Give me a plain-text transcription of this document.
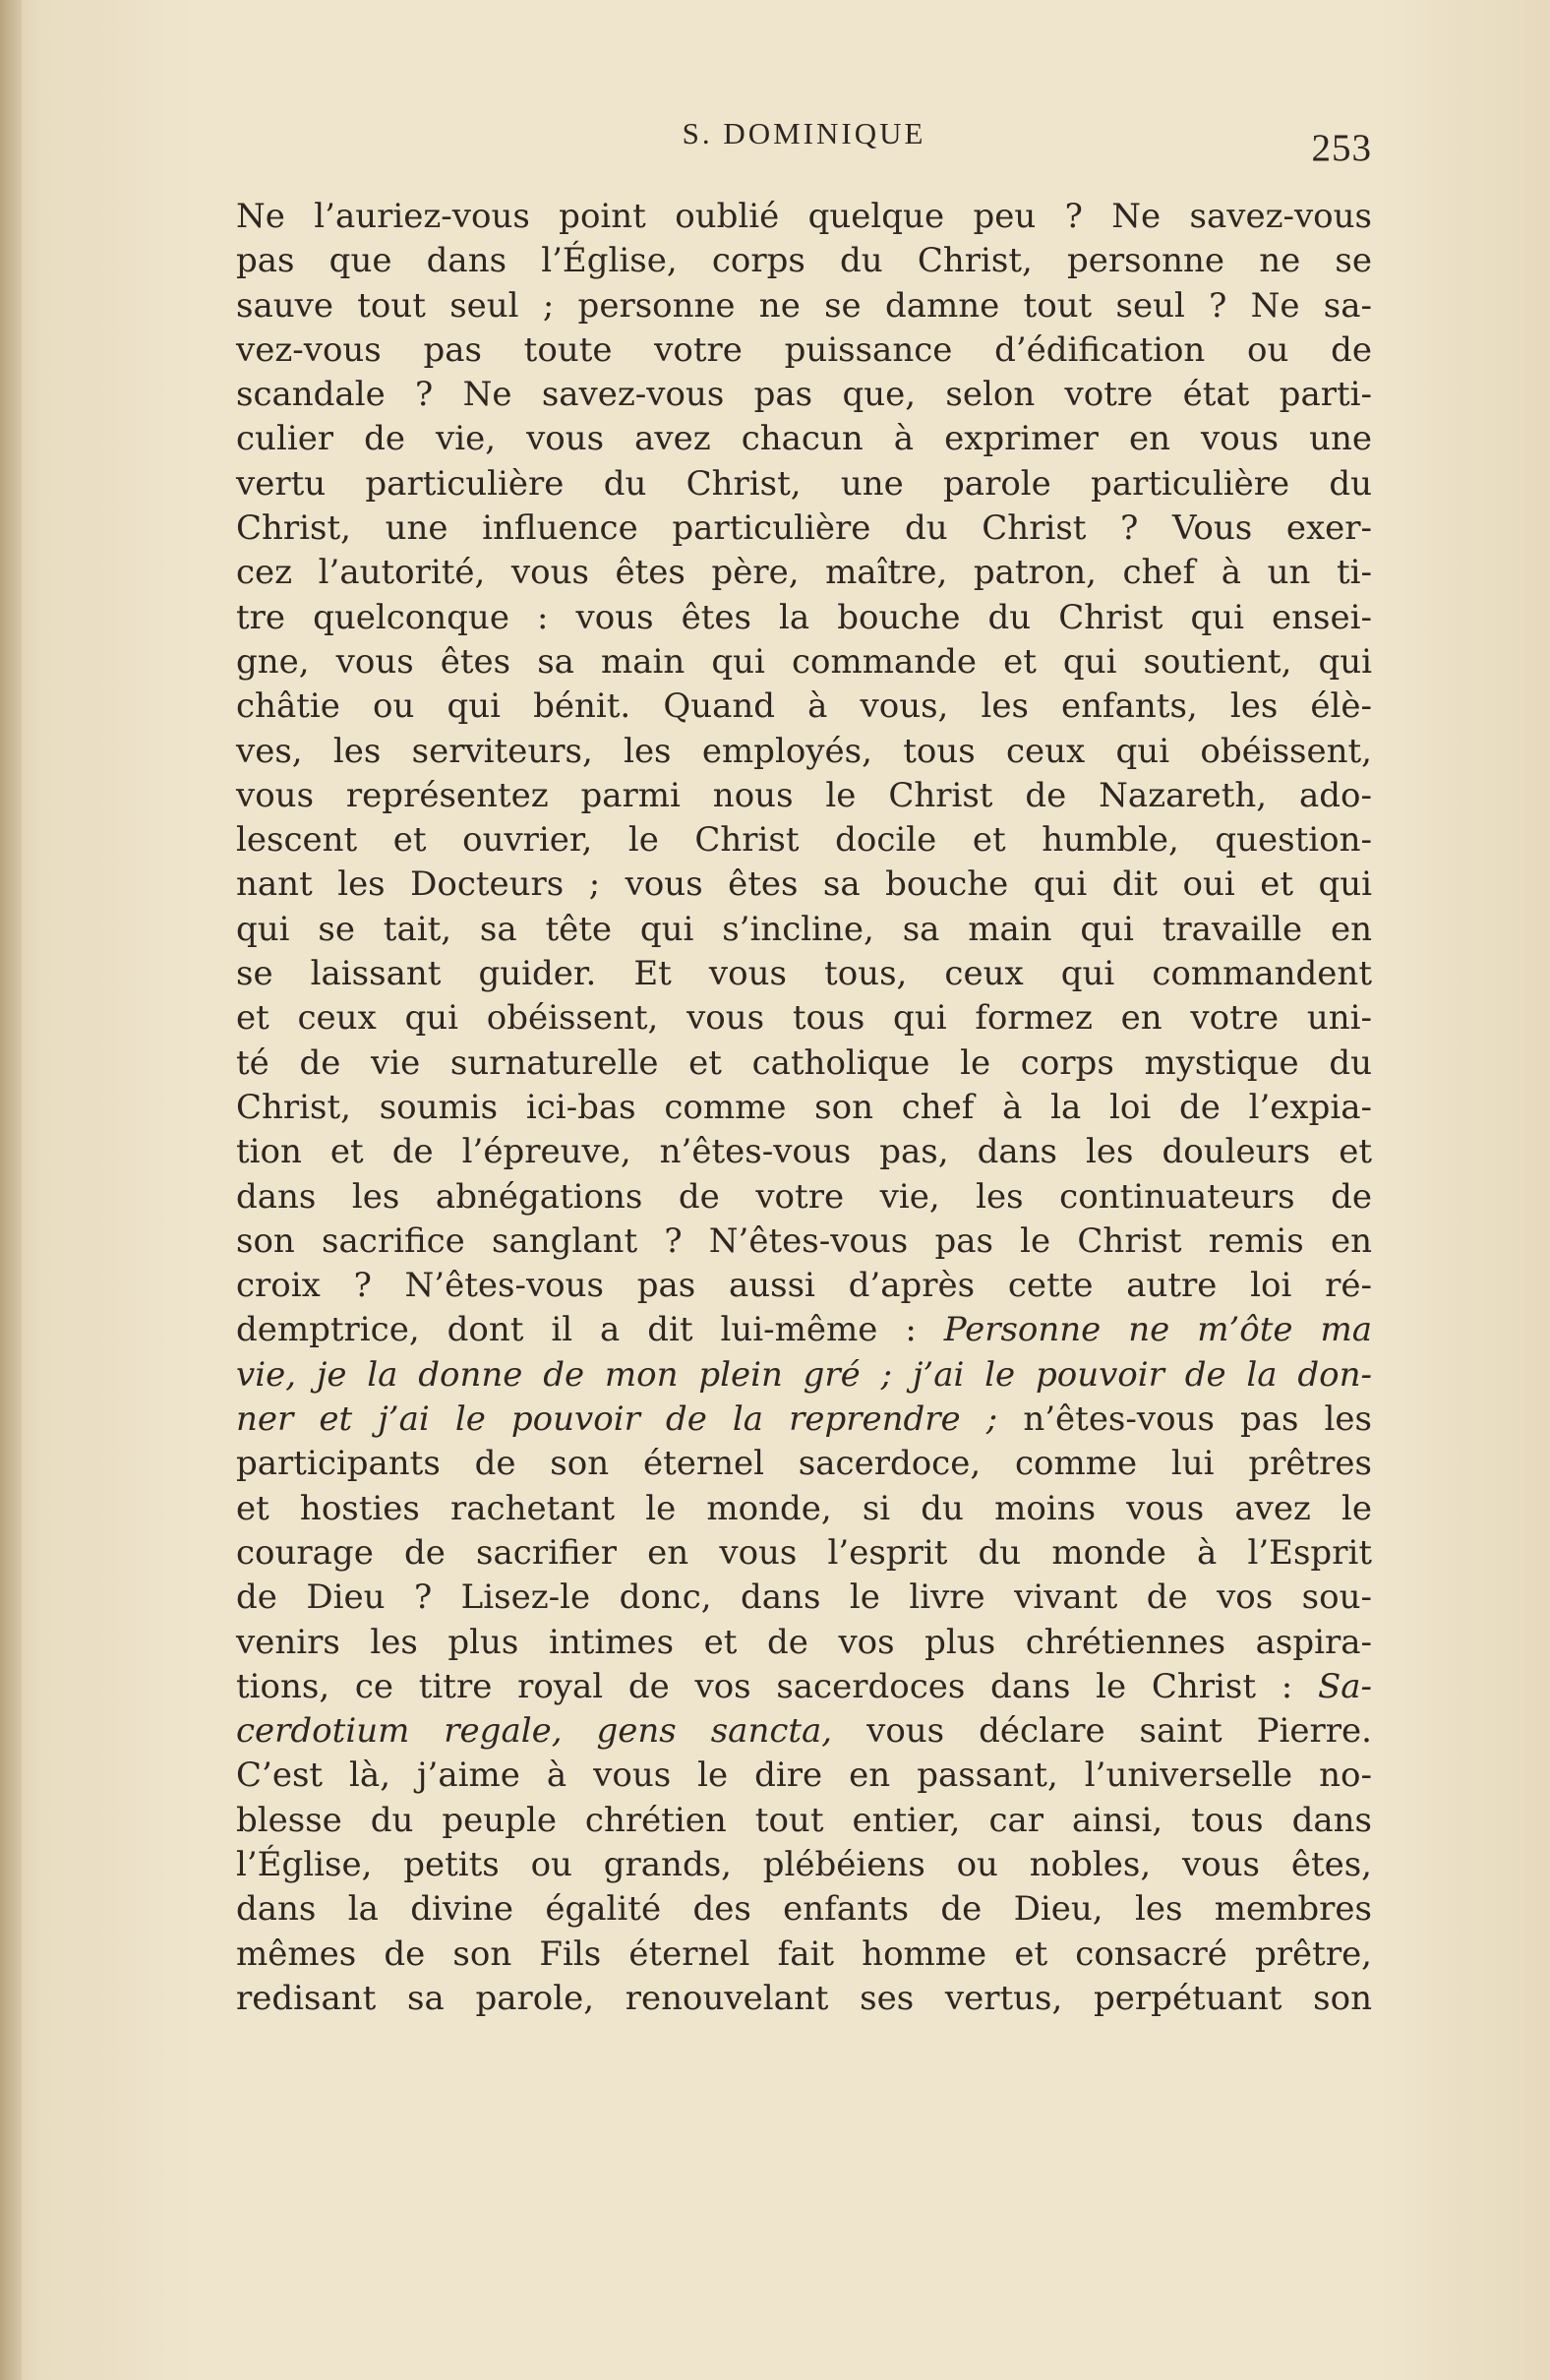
S. DOMINIQUE	253
Ne l’auriez-vous point oublié quelque peu ? Ne savez-vous
pas que dans l’Église, corps du Christ, personne ne se
sauve tout seul ; personne ne se damne tout seul ? Ne sa-
vez-vous pas toute votre puissance d’édification ou de
scandale ? Ne savez-vous pas que, selon votre état parti-
culier de vie, vous avez chacun à exprimer en vous une
vertu particulière du Christ, une parole particulière du
Christ, une influence particulière du Christ ? Vous exer-
cez l’autorité, vous êtes père, maître, patron, chef à un ti-
tre quelconque : vous êtes la bouche du Christ qui ensei-
gne, vous êtes sa main qui commande et qui soutient, qui
châtie ou qui bénit. Quand à vous, les enfants, les élè-
ves, les serviteurs, les employés, tous ceux qui obéissent,
vous représentez parmi nous le Christ de Nazareth, ado-
lescent et ouvrier, le Christ docile et humble, question-
nant les Docteurs ; vous êtes sa bouche qui dit oui et qui
qui se tait, sa tête qui s’incline, sa main qui travaille en
se laissant guider. Et vous tous, ceux qui commandent
et ceux qui obéissent, vous tous qui formez en votre uni-
té de vie surnaturelle et catholique le corps mystique du
Christ, soumis ici-bas comme son chef à la loi de l’expia-
tion et de l’épreuve, n’êtes-vous pas, dans les douleurs et
dans les abnégations de votre vie, les continuateurs de
son sacrifice sanglant ? N’êtes-vous pas le Christ remis en
croix ? N’êtes-vous pas aussi d’après cette autre loi ré-
demptrice, dont il a dit lui-même : Personne ne m’ôte ma
vie, je la donne de mon plein gré ; j’ai le pouvoir de la don-
ner et j’ai le pouvoir de la reprendre ; n’êtes-vous pas les
participants de son éternel sacerdoce, comme lui prêtres
et hosties rachetant le monde, si du moins vous avez le
courage de sacrifier en vous l’esprit du monde à l’Esprit
de Dieu ? Lisez-le donc, dans le livre vivant de vos sou-
venirs les plus intimes et de vos plus chrétiennes aspira-
tions, ce titre royal de vos sacerdoces dans le Christ : Sa-
cerdotium regale, gens sancta, vous déclare saint Pierre.
C’est là, j’aime à vous le dire en passant, l’universelle no-
blesse du peuple chrétien tout entier, car ainsi, tous dans
l’Église, petits ou grands, plébéiens ou nobles, vous êtes,
dans la divine égalité des enfants de Dieu, les membres
mêmes de son Fils éternel fait homme et consacré prêtre,
redisant sa parole, renouvelant ses vertus, perpétuant son
